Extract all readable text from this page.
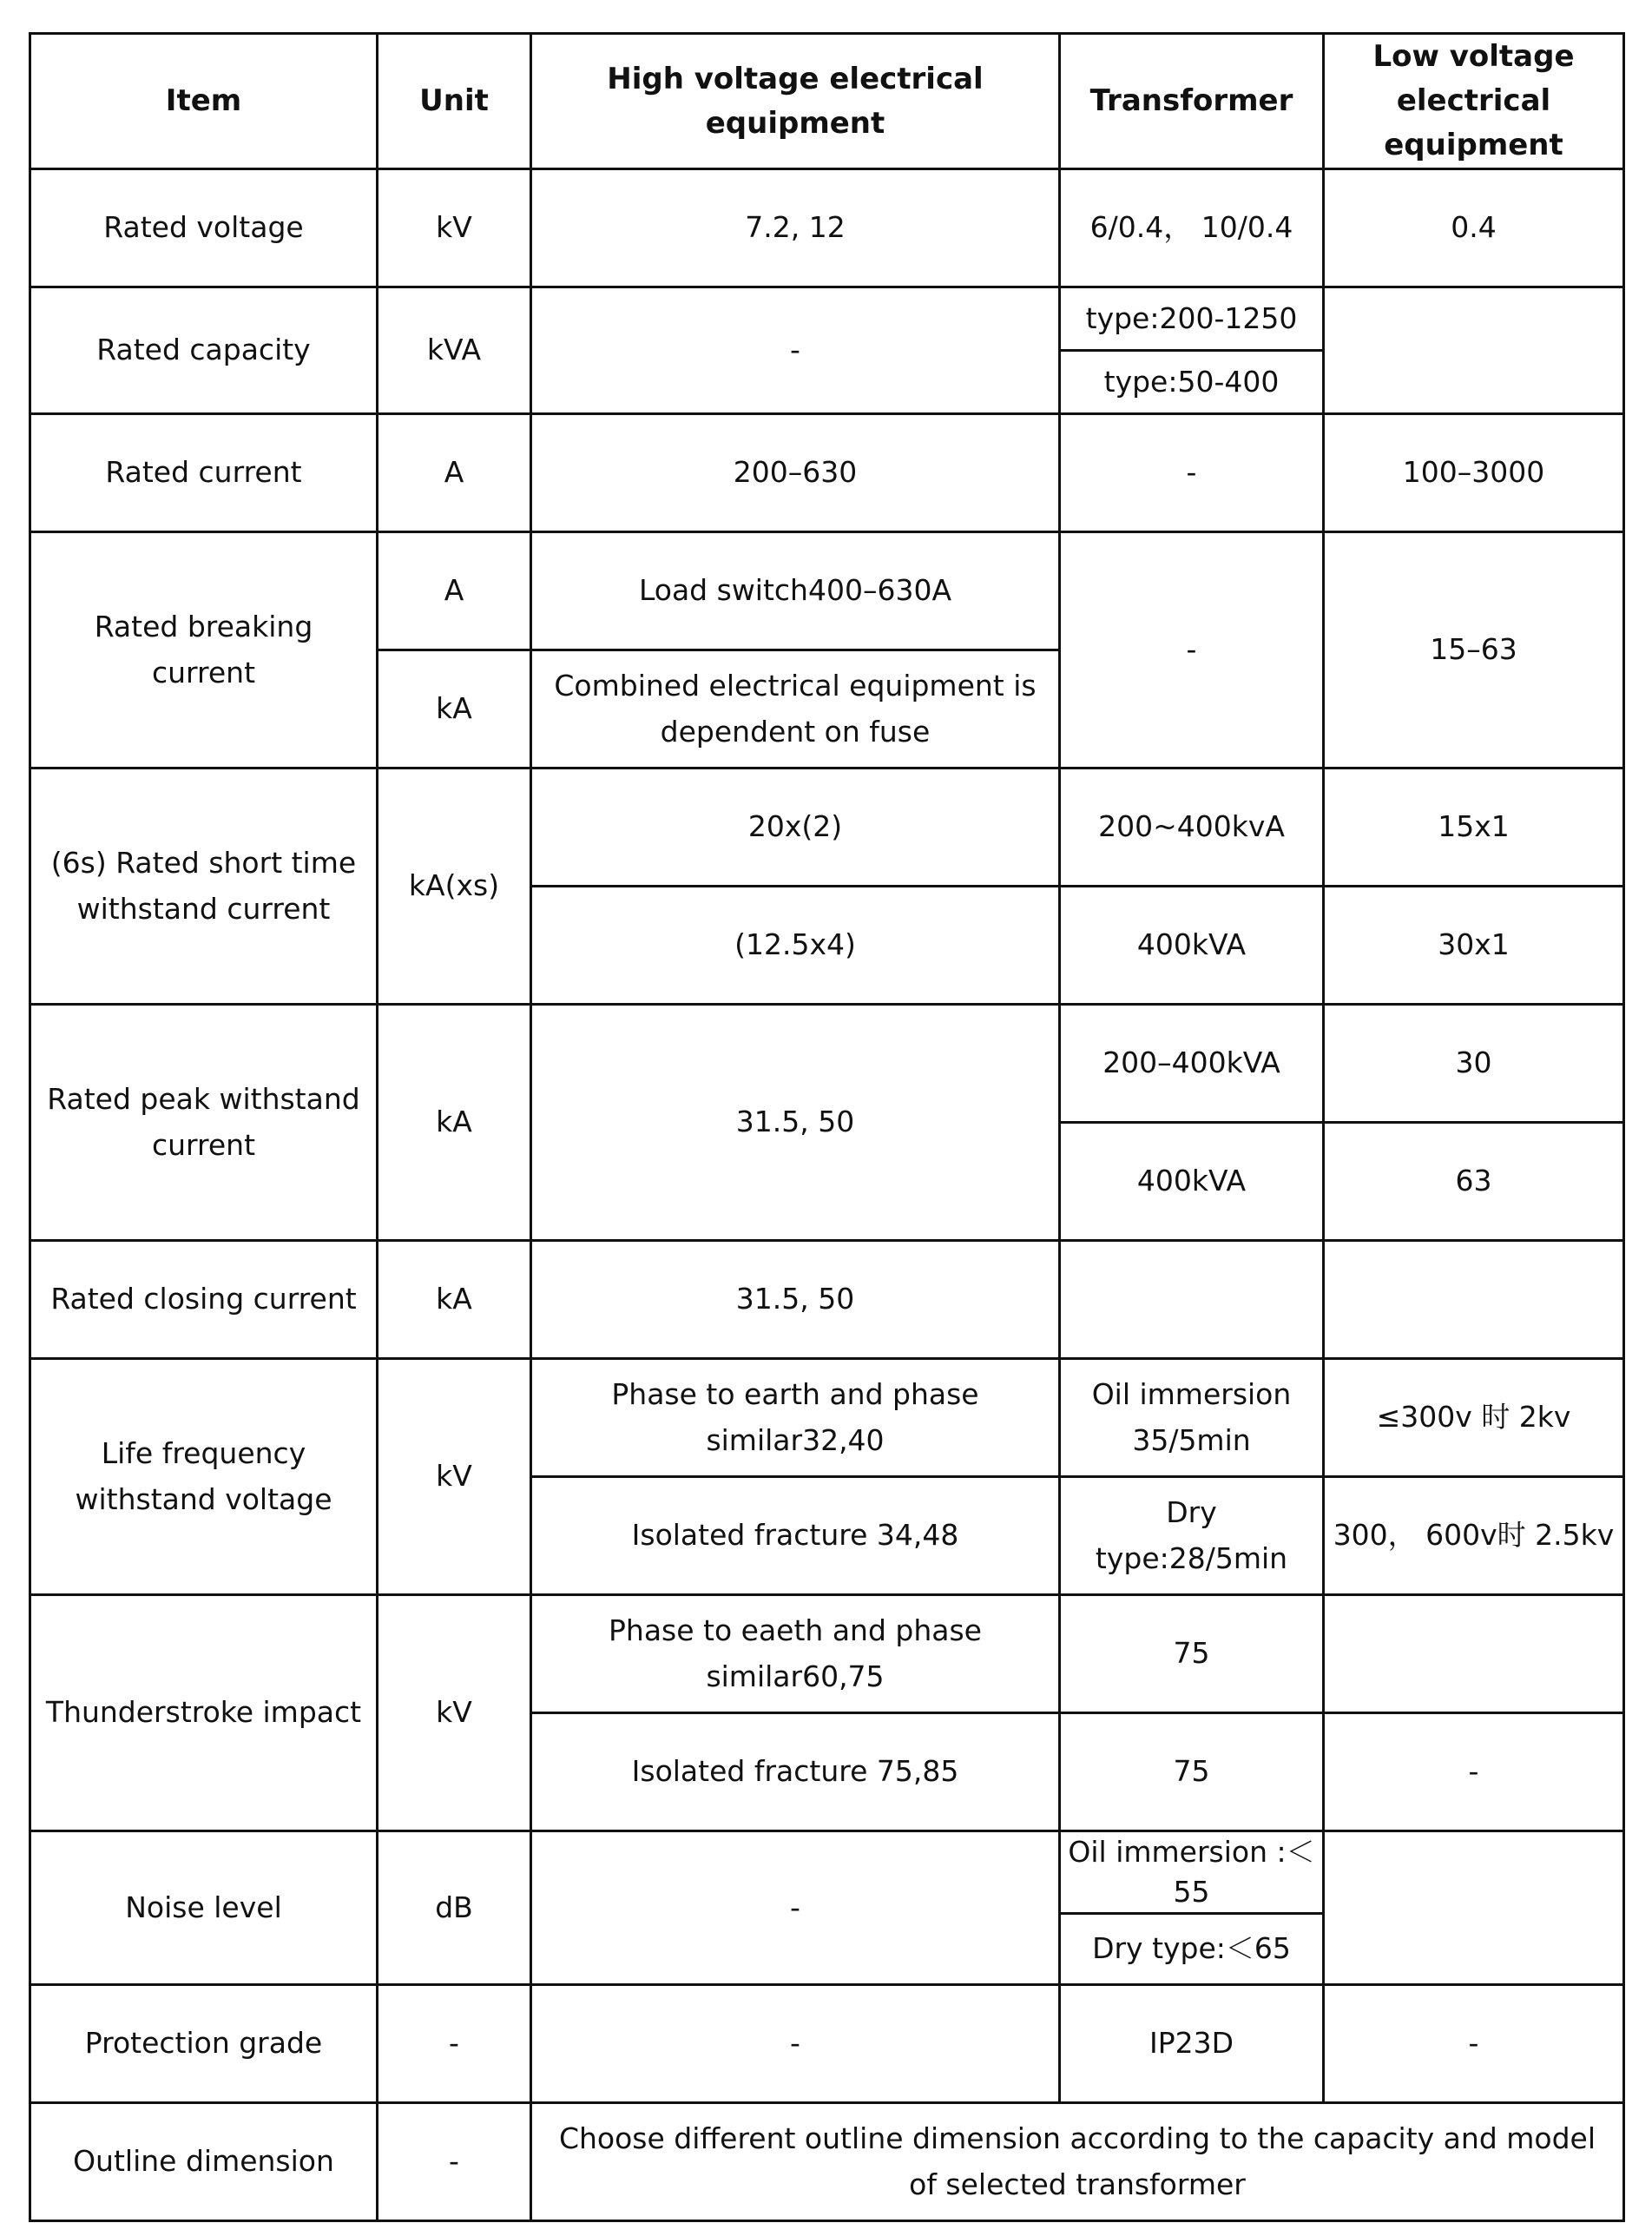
Item	Unit	High voltage electrical equipment	Transformer	Low voltage electrical equipment
Rated voltage	kV	7.2, 12	6/0.4， 10/0.4	0.4
Rated capacity	kVA	-	type:200-1250	
			type:50-400	
Rated current	A	200–630	-	100–3000
Rated breaking current	A	Load switch400–630A	-	15–63
	kA	Combined electrical equipment is dependent on fuse		
(6s) Rated short time withstand current	kA(xs)	20x(2)	200~400kvA	15x1
		(12.5x4)	400kVA	30x1
Rated peak withstand current	kA	31.5, 50	200–400kVA	30
			400kVA	63
Rated closing current	kA	31.5, 50		
Life frequency withstand voltage	kV	Phase to earth and phase similar32,40	Oil immersion 35/5min	≤300v 时 2kv
		Isolated fracture 34,48	Dry type:28/5min	300， 600v时 2.5kv
Thunderstroke impact	kV	Phase to eaeth and phase similar60,75	75	
		Isolated fracture 75,85	75	-
Noise level	dB	-	Oil immersion :＜55	
			Dry type:＜65	
Protection grade	-	-	IP23D	-
Outline dimension	-	Choose different outline dimension according to the capacity and model of selected transformer		
